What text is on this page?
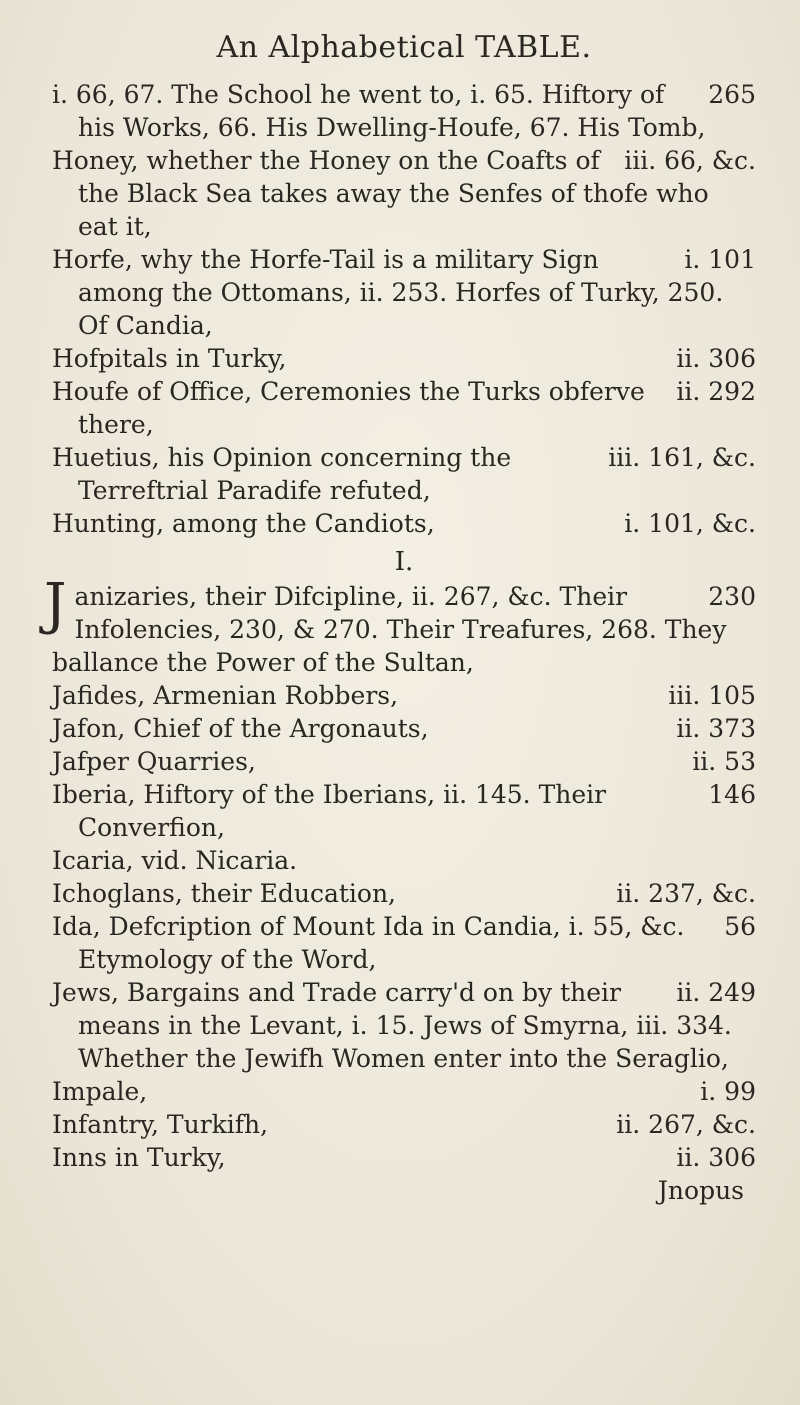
An Alphabetical TABLE.

265
i. 66, 67. The School he went to, i. 65. Hiftory of his Works, 66. His Dwelling-Houfe, 67. His Tomb,

iii. 66, &c.
Honey, whether the Honey on the Coafts of the Black Sea takes away the Senfes of thofe who eat it,

i. 101
Horfe, why the Horfe-Tail is a military Sign among the Ottomans, ii. 253. Horfes of Turky, 250. Of Candia,

ii. 306
Hofpitals in Turky,

ii. 292
Houfe of Office, Ceremonies the Turks obferve there,

iii. 161, &c.
Huetius, his Opinion concerning the Terreftrial Paradife refuted,

i. 101, &c.
Hunting, among the Candiots,

I.

J	230
anizaries, their Difcipline, ii. 267, &c. Their Infolencies, 230, & 270. Their Treafures, 268. They ballance the Power of the Sultan,

iii. 105
Jafides, Armenian Robbers,

ii. 373
Jafon, Chief of the Argonauts,

ii. 53
Jafper Quarries,

146
Iberia, Hiftory of the Iberians, ii. 145. Their Converfion,

Icaria, vid. Nicaria.

ii. 237, &c.
Ichoglans, their Education,

56
Ida, Defcription of Mount Ida in Candia, i. 55, &c. Etymology of the Word,

ii. 249
Jews, Bargains and Trade carry'd on by their means in the Levant, i. 15. Jews of Smyrna, iii. 334. Whether the Jewifh Women enter into the Seraglio,

i. 99
Impale,

ii. 267, &c.
Infantry, Turkifh,

ii. 306
Inns in Turky,

Jnopus
